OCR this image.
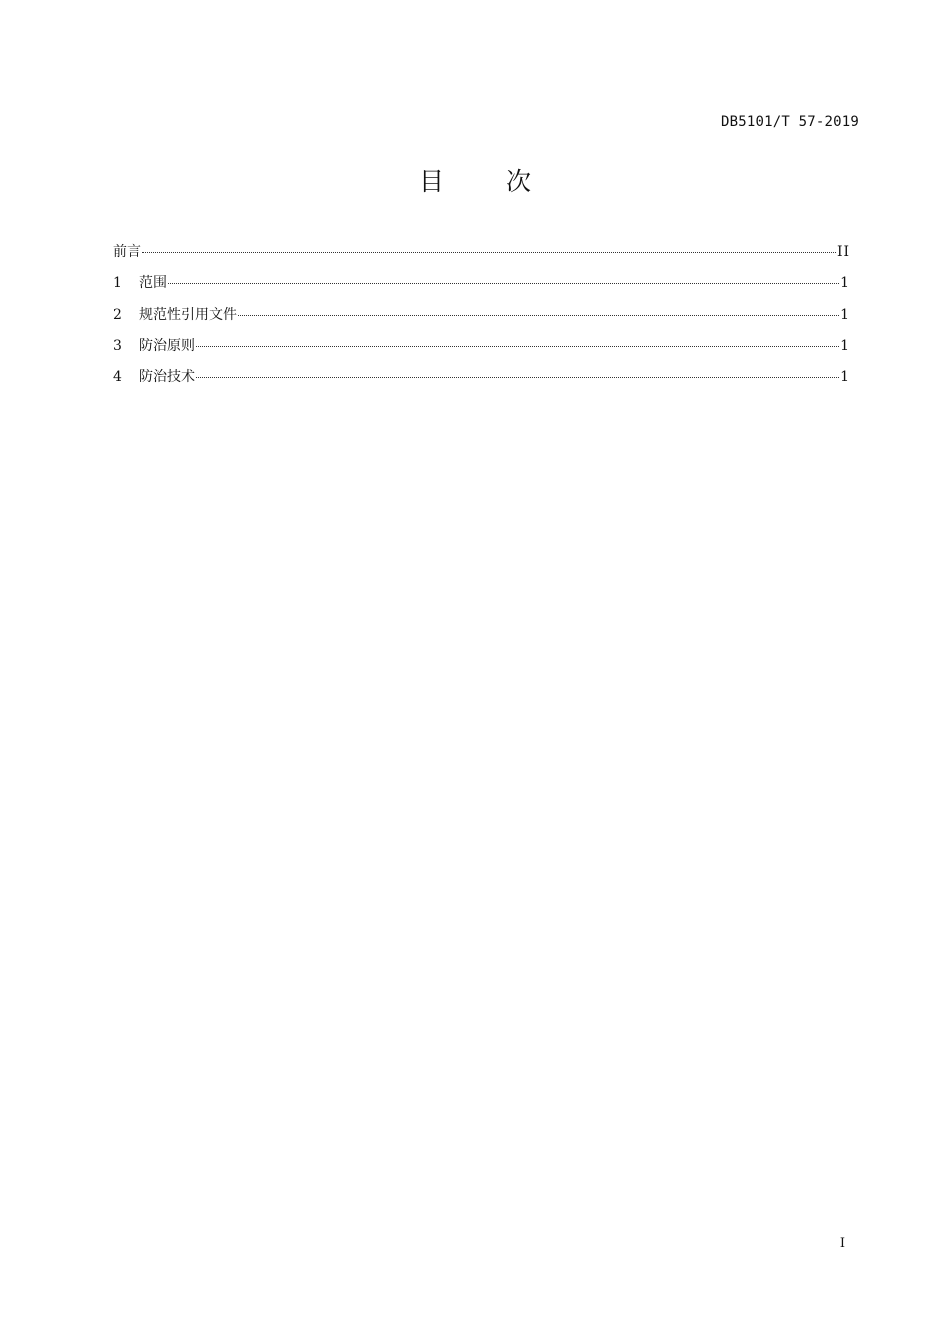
DB5101/T 57-2019
目次
前言	II
1	范围	1
2	规范性引用文件	1
3	防治原则	1
4	防治技术	1
I
